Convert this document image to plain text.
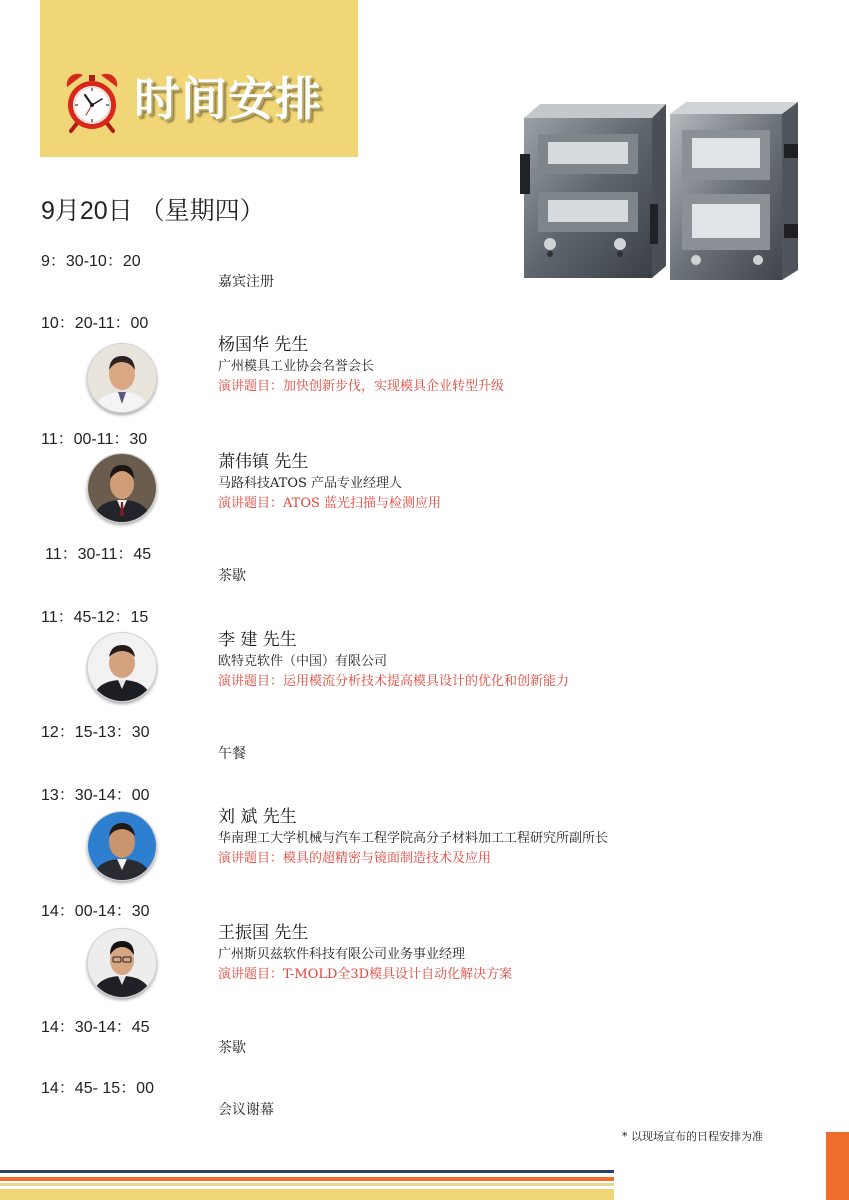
时间安排
9月20日 （星期四）
9：30-10：20
嘉宾注册
10：20-11：00
杨国华 先生
广州模具工业协会名誉会长
演讲题目：加快创新步伐，实现模具企业转型升级
11：00-11：30
萧伟镇 先生
马路科技ATOS 产品专业经理人
演讲题目：ATOS 蓝光扫描与检测应用
11：30-11：45
茶歇
11：45-12：15
李 建 先生
欧特克软件（中国）有限公司
演讲题目：运用模流分析技术提高模具设计的优化和创新能力
12：15-13：30
午餐
13：30-14：00
刘 斌 先生
华南理工大学机械与汽车工程学院高分子材料加工工程研究所副所长
演讲题目：模具的超精密与镜面制造技术及应用
14：00-14：30
王振国 先生
广州斯贝兹软件科技有限公司业务事业经理
演讲题目：T-MOLD全3D模具设计自动化解决方案
14：30-14：45
茶歇
14：45- 15：00
会议谢幕
* 以现场宣布的日程安排为准
